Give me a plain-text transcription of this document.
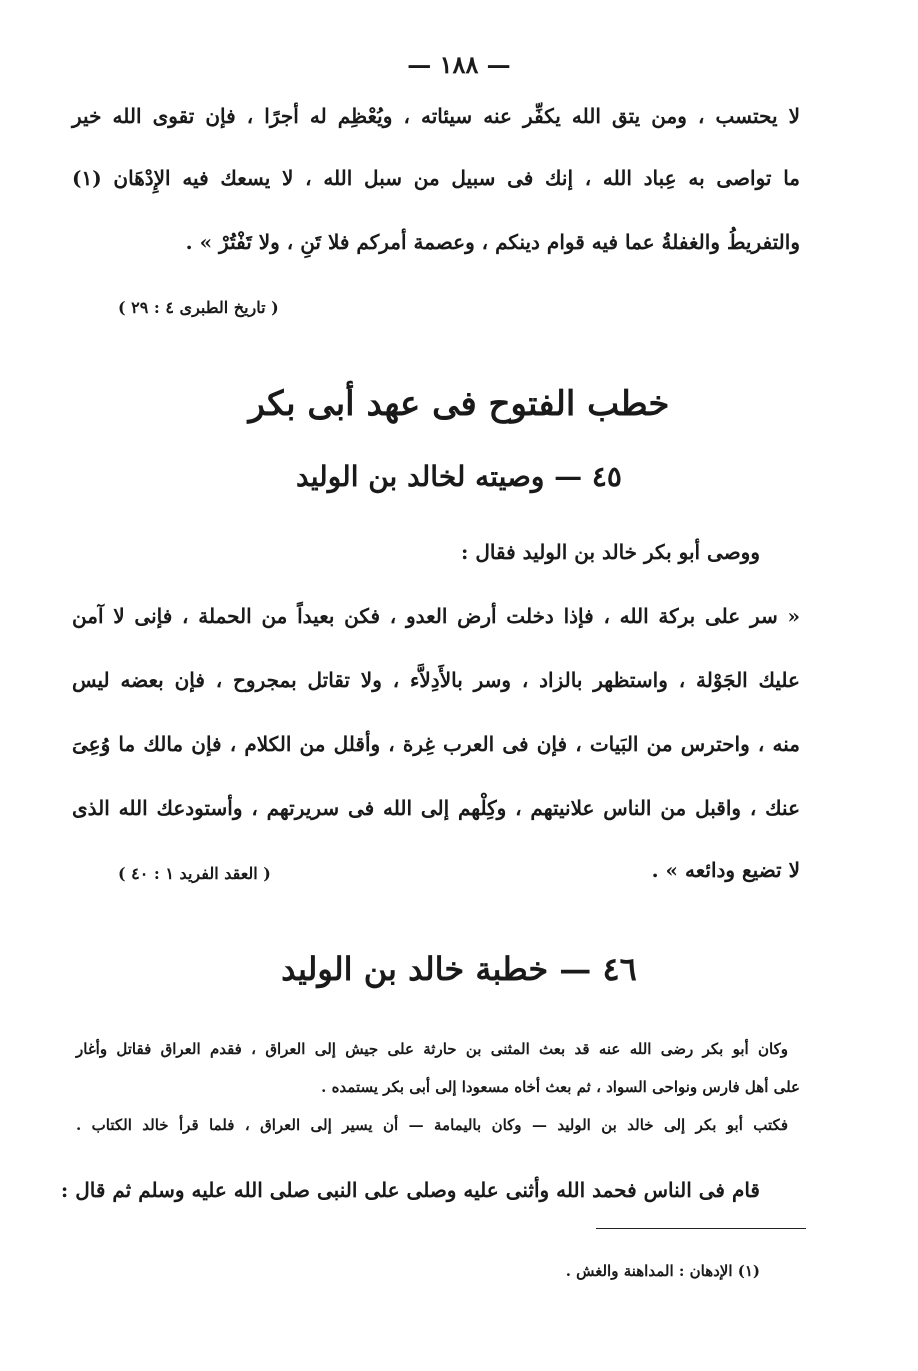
— ١٨٨ —
لا يحتسب ، ومن يتق الله يكفِّر عنه سيئاته ، ويُعْظِم له أجرًا ، فإن تقوى الله خير
ما تواصى به عِباد الله ، إنك فى سبيل من سبل الله ، لا يسعك فيه الإِدْهَان (١)
والتفريطُ والغفلةُ عما فيه قوام دينكم ، وعصمة أمركم فلا تَنِ ، ولا تَفْتُرْ » .
( تاريخ الطبرى ٤ : ٢٩ )
خطب الفتوح فى عهد أبى بكر
٤٥ — وصيته لخالد بن الوليد
ووصى أبو بكر خالد بن الوليد فقال :
« سر على بركة الله ، فإذا دخلت أرض العدو ، فكن بعيداً من الحملة ، فإنى لا آمن
عليك الجَوْلة ، واستظهر بالزاد ، وسر بالأَدِلاَّء ، ولا تقاتل بمجروح ، فإن بعضه ليس
منه ، واحترس من البَيات ، فإن فى العرب غِرة ، وأقلل من الكلام ، فإن مالك ما وُعِىَ
عنك ، واقبل من الناس علانيتهم ، وكِلْهم إلى الله فى سريرتهم ، وأستودعك الله الذى
لا تضيع ودائعه » .
( العقد الفريد ١ : ٤٠ )
٤٦ — خطبة خالد بن الوليد
وكان أبو بكر رضى الله عنه قد بعث المثنى بن حارثة على جيش إلى العراق ، فقدم العراق فقاتل وأغار
على أهل فارس ونواحى السواد ، ثم بعث أخاه مسعودا إلى أبى بكر يستمده .
فكتب أبو بكر إلى خالد بن الوليد — وكان باليمامة — أن يسير إلى العراق ، فلما قرأ خالد الكتاب .
قام فى الناس فحمد الله وأثنى عليه وصلى على النبى صلى الله عليه وسلم ثم قال :
(١) الإدهان : المداهنة والغش .
